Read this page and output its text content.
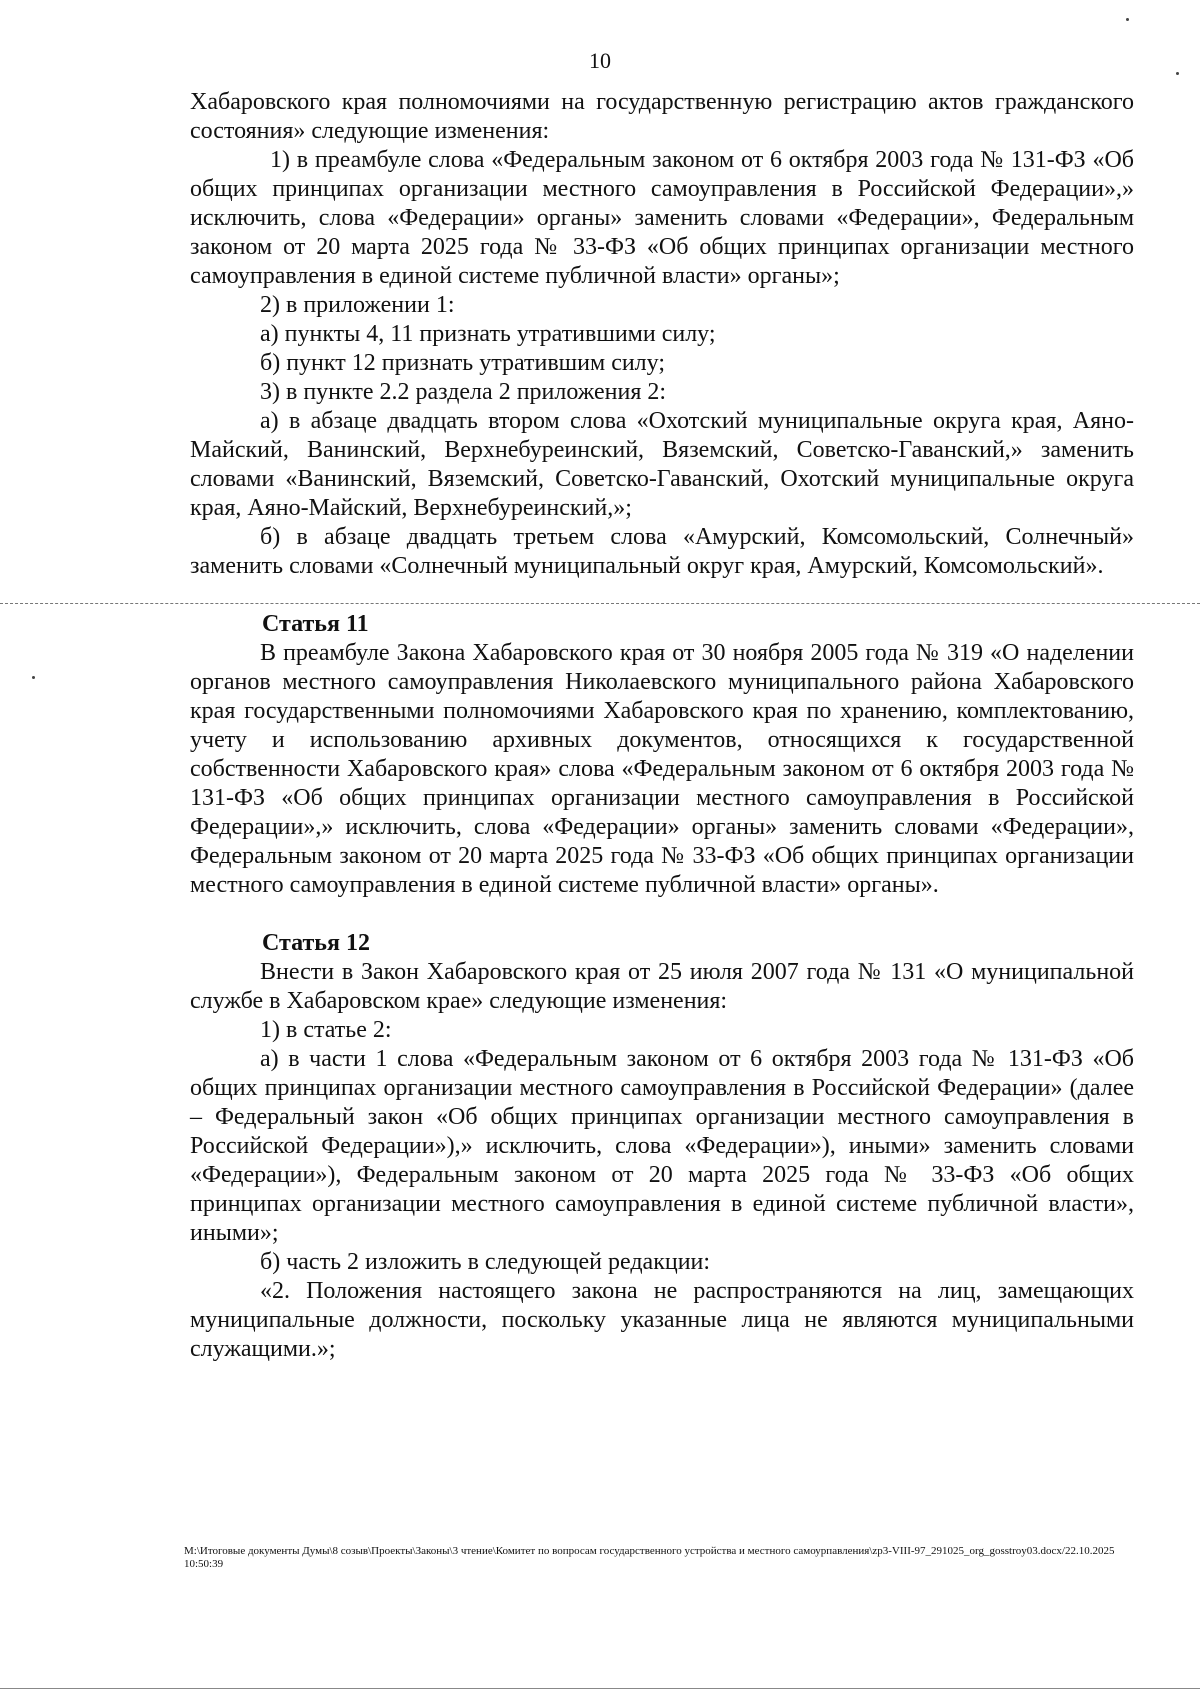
10

Хабаровского края полномочиями на государственную регистрацию актов гражданского состояния» следующие изменения:

1) в преамбуле слова «Федеральным законом от 6 октября 2003 года № 131-ФЗ «Об общих принципах организации местного самоуправления в Российской Федерации»,» исключить, слова «Федерации» органы» заменить словами «Федерации», Федеральным законом от 20 марта 2025 года № 33-ФЗ «Об общих принципах организации местного самоуправления в единой системе публичной власти» органы»;

2) в приложении 1:

а) пункты 4, 11 признать утратившими силу;

б) пункт 12 признать утратившим силу;

3) в пункте 2.2 раздела 2 приложения 2:

а) в абзаце двадцать втором слова «Охотский муниципальные округа края, Аяно-Майский, Ванинский, Верхнебуреинский, Вяземский, Советско-Гаванский,» заменить словами «Ванинский, Вяземский, Советско-Гаванский, Охотский муниципальные округа края, Аяно-Майский, Верхнебуреинский,»;

б) в абзаце двадцать третьем слова «Амурский, Комсомольский, Солнечный» заменить словами «Солнечный муниципальный округ края, Амурский, Комсомольский».

Статья 11

В преамбуле Закона Хабаровского края от 30 ноября 2005 года № 319 «О наделении органов местного самоуправления Николаевского муниципального района Хабаровского края государственными полномочиями Хабаровского края по хранению, комплектованию, учету и использованию архивных документов, относящихся к государственной собственности Хабаровского края» слова «Федеральным законом от 6 октября 2003 года № 131-ФЗ «Об общих принципах организации местного самоуправления в Российской Федерации»,» исключить, слова «Федерации» органы» заменить словами «Федерации», Федеральным законом от 20 марта 2025 года № 33-ФЗ «Об общих принципах организации местного самоуправления в единой системе публичной власти» органы».

Статья 12

Внести в Закон Хабаровского края от 25 июля 2007 года № 131 «О муниципальной службе в Хабаровском крае» следующие изменения:

1) в статье 2:

а) в части 1 слова «Федеральным законом от 6 октября 2003 года № 131-ФЗ «Об общих принципах организации местного самоуправления в Российской Федерации» (далее – Федеральный закон «Об общих принципах организации местного самоуправления в Российской Федерации»),» исключить, слова «Федерации»), иными» заменить словами «Федерации»), Федеральным законом от 20 марта 2025 года № 33-ФЗ «Об общих принципах организации местного самоуправления в единой системе публичной власти», иными»;

б) часть 2 изложить в следующей редакции:

«2. Положения настоящего закона не распространяются на лиц, замещающих муниципальные должности, поскольку указанные лица не являются муниципальными служащими.»;

M:\Итоговые документы Думы\8 созыв\Проекты\Законы\3 чтение\Комитет по вопросам государственного устройства и местного самоурпавления\zp3-VIII-97_291025_org_gosstroy03.docx/22.10.2025 10:50:39
